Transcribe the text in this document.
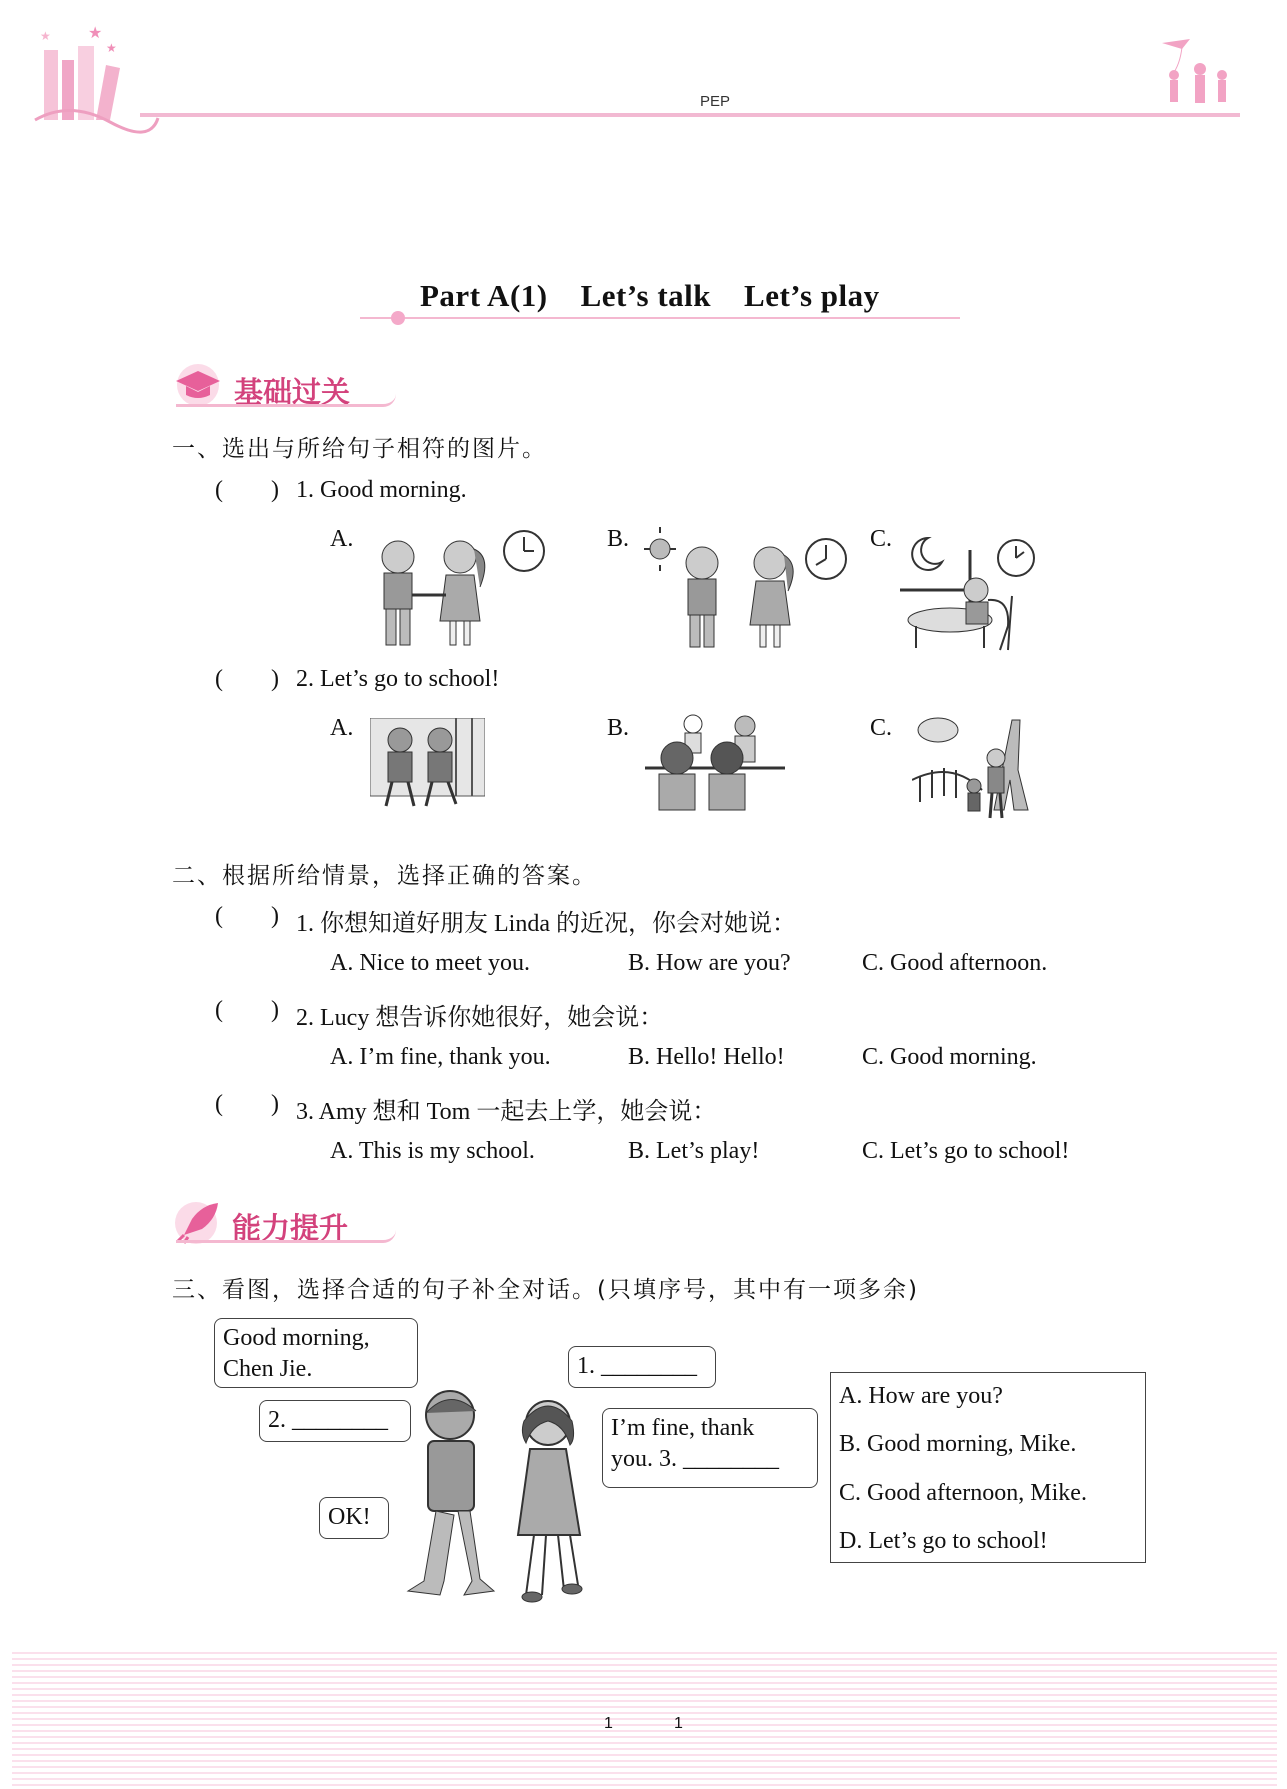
★
★
★
PEP
Part A(1)    Let’s talk    Let’s play
基础过关
一、选出与所给句子相符的图片。
(        ) 1. Good morning.
A.	B.	C.
(        ) 2. Let’s go to school!
A.	B.	C.
二、根据所给情景，选择正确的答案。
(        ) 1. 你想知道好朋友 Linda 的近况，你会对她说：
A. Nice to meet you.	B. How are you?	C. Good afternoon.
(        ) 2. Lucy 想告诉你她很好，她会说：
A. I’m fine, thank you.	B. Hello! Hello!	C. Good morning.
(        ) 3. Amy 想和 Tom 一起去上学，她会说：
A. This is my school.	B. Let’s play!	C. Let’s go to school!
能力提升
三、看图，选择合适的句子补全对话。(只填序号，其中有一项多余)
Good morning,
Chen Jie.
2. ________
OK!
1. ________
I’m fine, thank
you. 3. ________
A. How are you?
B. Good morning, Mike.
C. Good afternoon, Mike.
D. Let’s go to school!
1	1
